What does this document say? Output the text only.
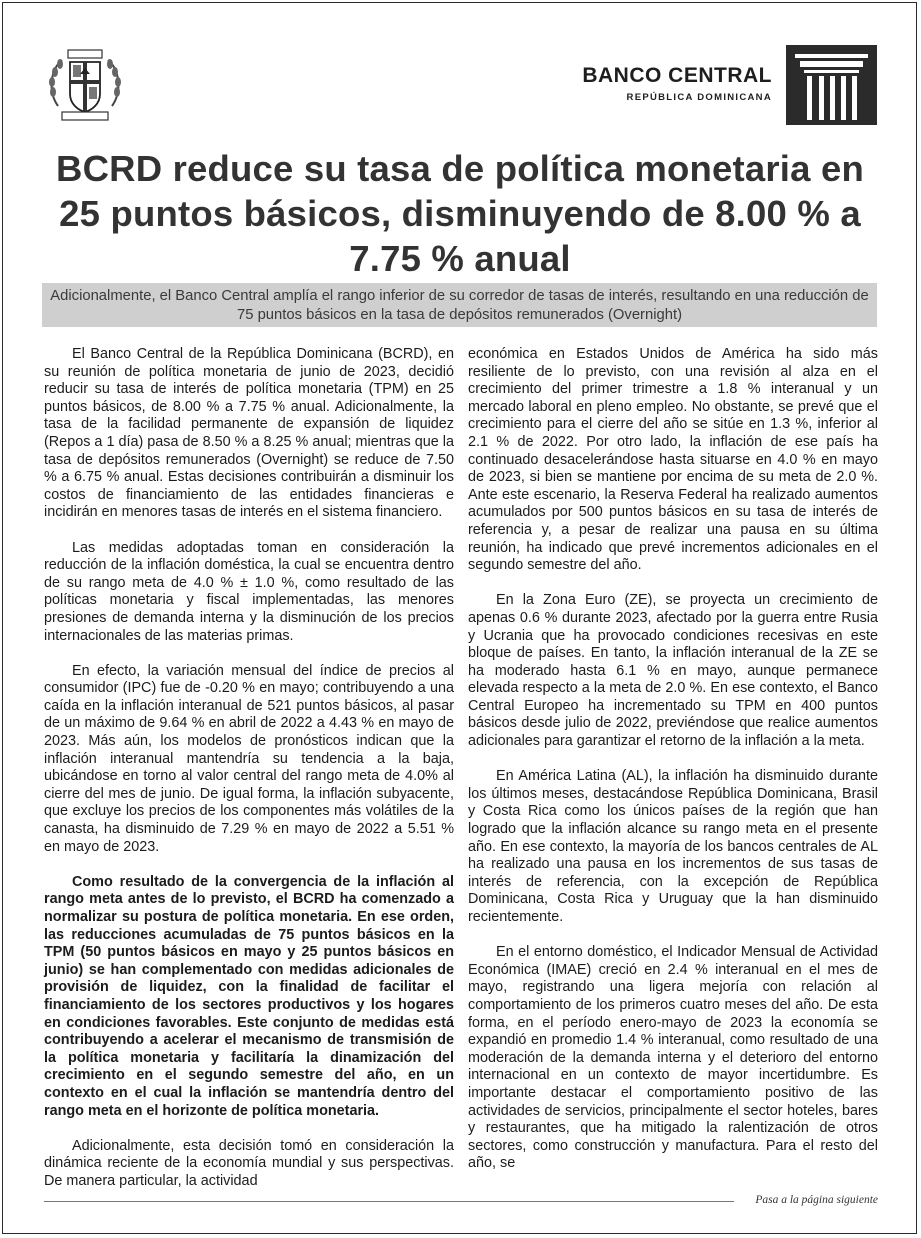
BANCO CENTRAL
REPÚBLICA DOMINICANA
BCRD reduce su tasa de política monetaria en 25 puntos básicos, disminuyendo de 8.00 % a 7.75 % anual
Adicionalmente, el Banco Central amplía el rango inferior de su corredor de tasas de interés, resultando en una reducción de 75 puntos básicos en la tasa de depósitos remunerados (Overnight)

El Banco Central de la República Dominicana (BCRD), en su reunión de política monetaria de junio de 2023, decidió reducir su tasa de interés de política monetaria (TPM) en 25 puntos básicos, de 8.00 % a 7.75 % anual. Adicionalmente, la tasa de la facilidad permanente de expansión de liquidez (Repos a 1 día) pasa de 8.50 % a 8.25 % anual; mientras que la tasa de depósitos remunerados (Overnight) se reduce de 7.50 % a 6.75 % anual. Estas decisiones contribuirán a disminuir los costos de financiamiento de las entidades financieras e incidirán en menores tasas de interés en el sistema financiero.

Las medidas adoptadas toman en consideración la reducción de la inflación doméstica, la cual se encuentra dentro de su rango meta de 4.0 % ± 1.0 %, como resultado de las políticas monetaria y fiscal implementadas, las menores presiones de demanda interna y la disminución de los precios internacionales de las materias primas.

En efecto, la variación mensual del índice de precios al consumidor (IPC) fue de -0.20 % en mayo; contribuyendo a una caída en la inflación interanual de 521 puntos básicos, al pasar de un máximo de 9.64 % en abril de 2022 a 4.43 % en mayo de 2023. Más aún, los modelos de pronósticos indican que la inflación interanual mantendría su tendencia a la baja, ubicándose en torno al valor central del rango meta de 4.0% al cierre del mes de junio. De igual forma, la inflación subyacente, que excluye los precios de los componentes más volátiles de la canasta, ha disminuido de 7.29 % en mayo de 2022 a 5.51 % en mayo de 2023.

Como resultado de la convergencia de la inflación al rango meta antes de lo previsto, el BCRD ha comenzado a normalizar su postura de política monetaria. En ese orden, las reducciones acumuladas de 75 puntos básicos en la TPM (50 puntos básicos en mayo y 25 puntos básicos en junio) se han complementado con medidas adicionales de provisión de liquidez, con la finalidad de facilitar el financiamiento de los sectores productivos y los hogares en condiciones favorables. Este conjunto de medidas está contribuyendo a acelerar el mecanismo de transmisión de la política monetaria y facilitaría la dinamización del crecimiento en el segundo semestre del año, en un contexto en el cual la inflación se mantendría dentro del rango meta en el horizonte de política monetaria.

Adicionalmente, esta decisión tomó en consideración la dinámica reciente de la economía mundial y sus perspectivas. De manera particular, la actividad

económica en Estados Unidos de América ha sido más resiliente de lo previsto, con una revisión al alza en el crecimiento del primer trimestre a 1.8 % interanual y un mercado laboral en pleno empleo. No obstante, se prevé que el crecimiento para el cierre del año se sitúe en 1.3 %, inferior al 2.1 % de 2022. Por otro lado, la inflación de ese país ha continuado desacelerándose hasta situarse en 4.0 % en mayo de 2023, si bien se mantiene por encima de su meta de 2.0 %. Ante este escenario, la Reserva Federal ha realizado aumentos acumulados por 500 puntos básicos en su tasa de interés de referencia y, a pesar de realizar una pausa en su última reunión, ha indicado que prevé incrementos adicionales en el segundo semestre del año.

En la Zona Euro (ZE), se proyecta un crecimiento de apenas 0.6 % durante 2023, afectado por la guerra entre Rusia y Ucrania que ha provocado condiciones recesivas en este bloque de países. En tanto, la inflación interanual de la ZE se ha moderado hasta 6.1 % en mayo, aunque permanece elevada respecto a la meta de 2.0 %. En ese contexto, el Banco Central Europeo ha incrementado su TPM en 400 puntos básicos desde julio de 2022, previéndose que realice aumentos adicionales para garantizar el retorno de la inflación a la meta.

En América Latina (AL), la inflación ha disminuido durante los últimos meses, destacándose República Dominicana, Brasil y Costa Rica como los únicos países de la región que han logrado que la inflación alcance su rango meta en el presente año. En ese contexto, la mayoría de los bancos centrales de AL ha realizado una pausa en los incrementos de sus tasas de interés de referencia, con la excepción de República Dominicana, Costa Rica y Uruguay que la han disminuido recientemente.

En el entorno doméstico, el Indicador Mensual de Actividad Económica (IMAE) creció en 2.4 % interanual en el mes de mayo, registrando una ligera mejoría con relación al comportamiento de los primeros cuatro meses del año. De esta forma, en el período enero-mayo de 2023 la economía se expandió en promedio 1.4 % interanual, como resultado de una moderación de la demanda interna y el deterioro del entorno internacional en un contexto de mayor incertidumbre. Es importante destacar el comportamiento positivo de las actividades de servicios, principalmente el sector hoteles, bares y restaurantes, que ha mitigado la ralentización de otros sectores, como construcción y manufactura. Para el resto del año, se

Pasa a la página siguiente
